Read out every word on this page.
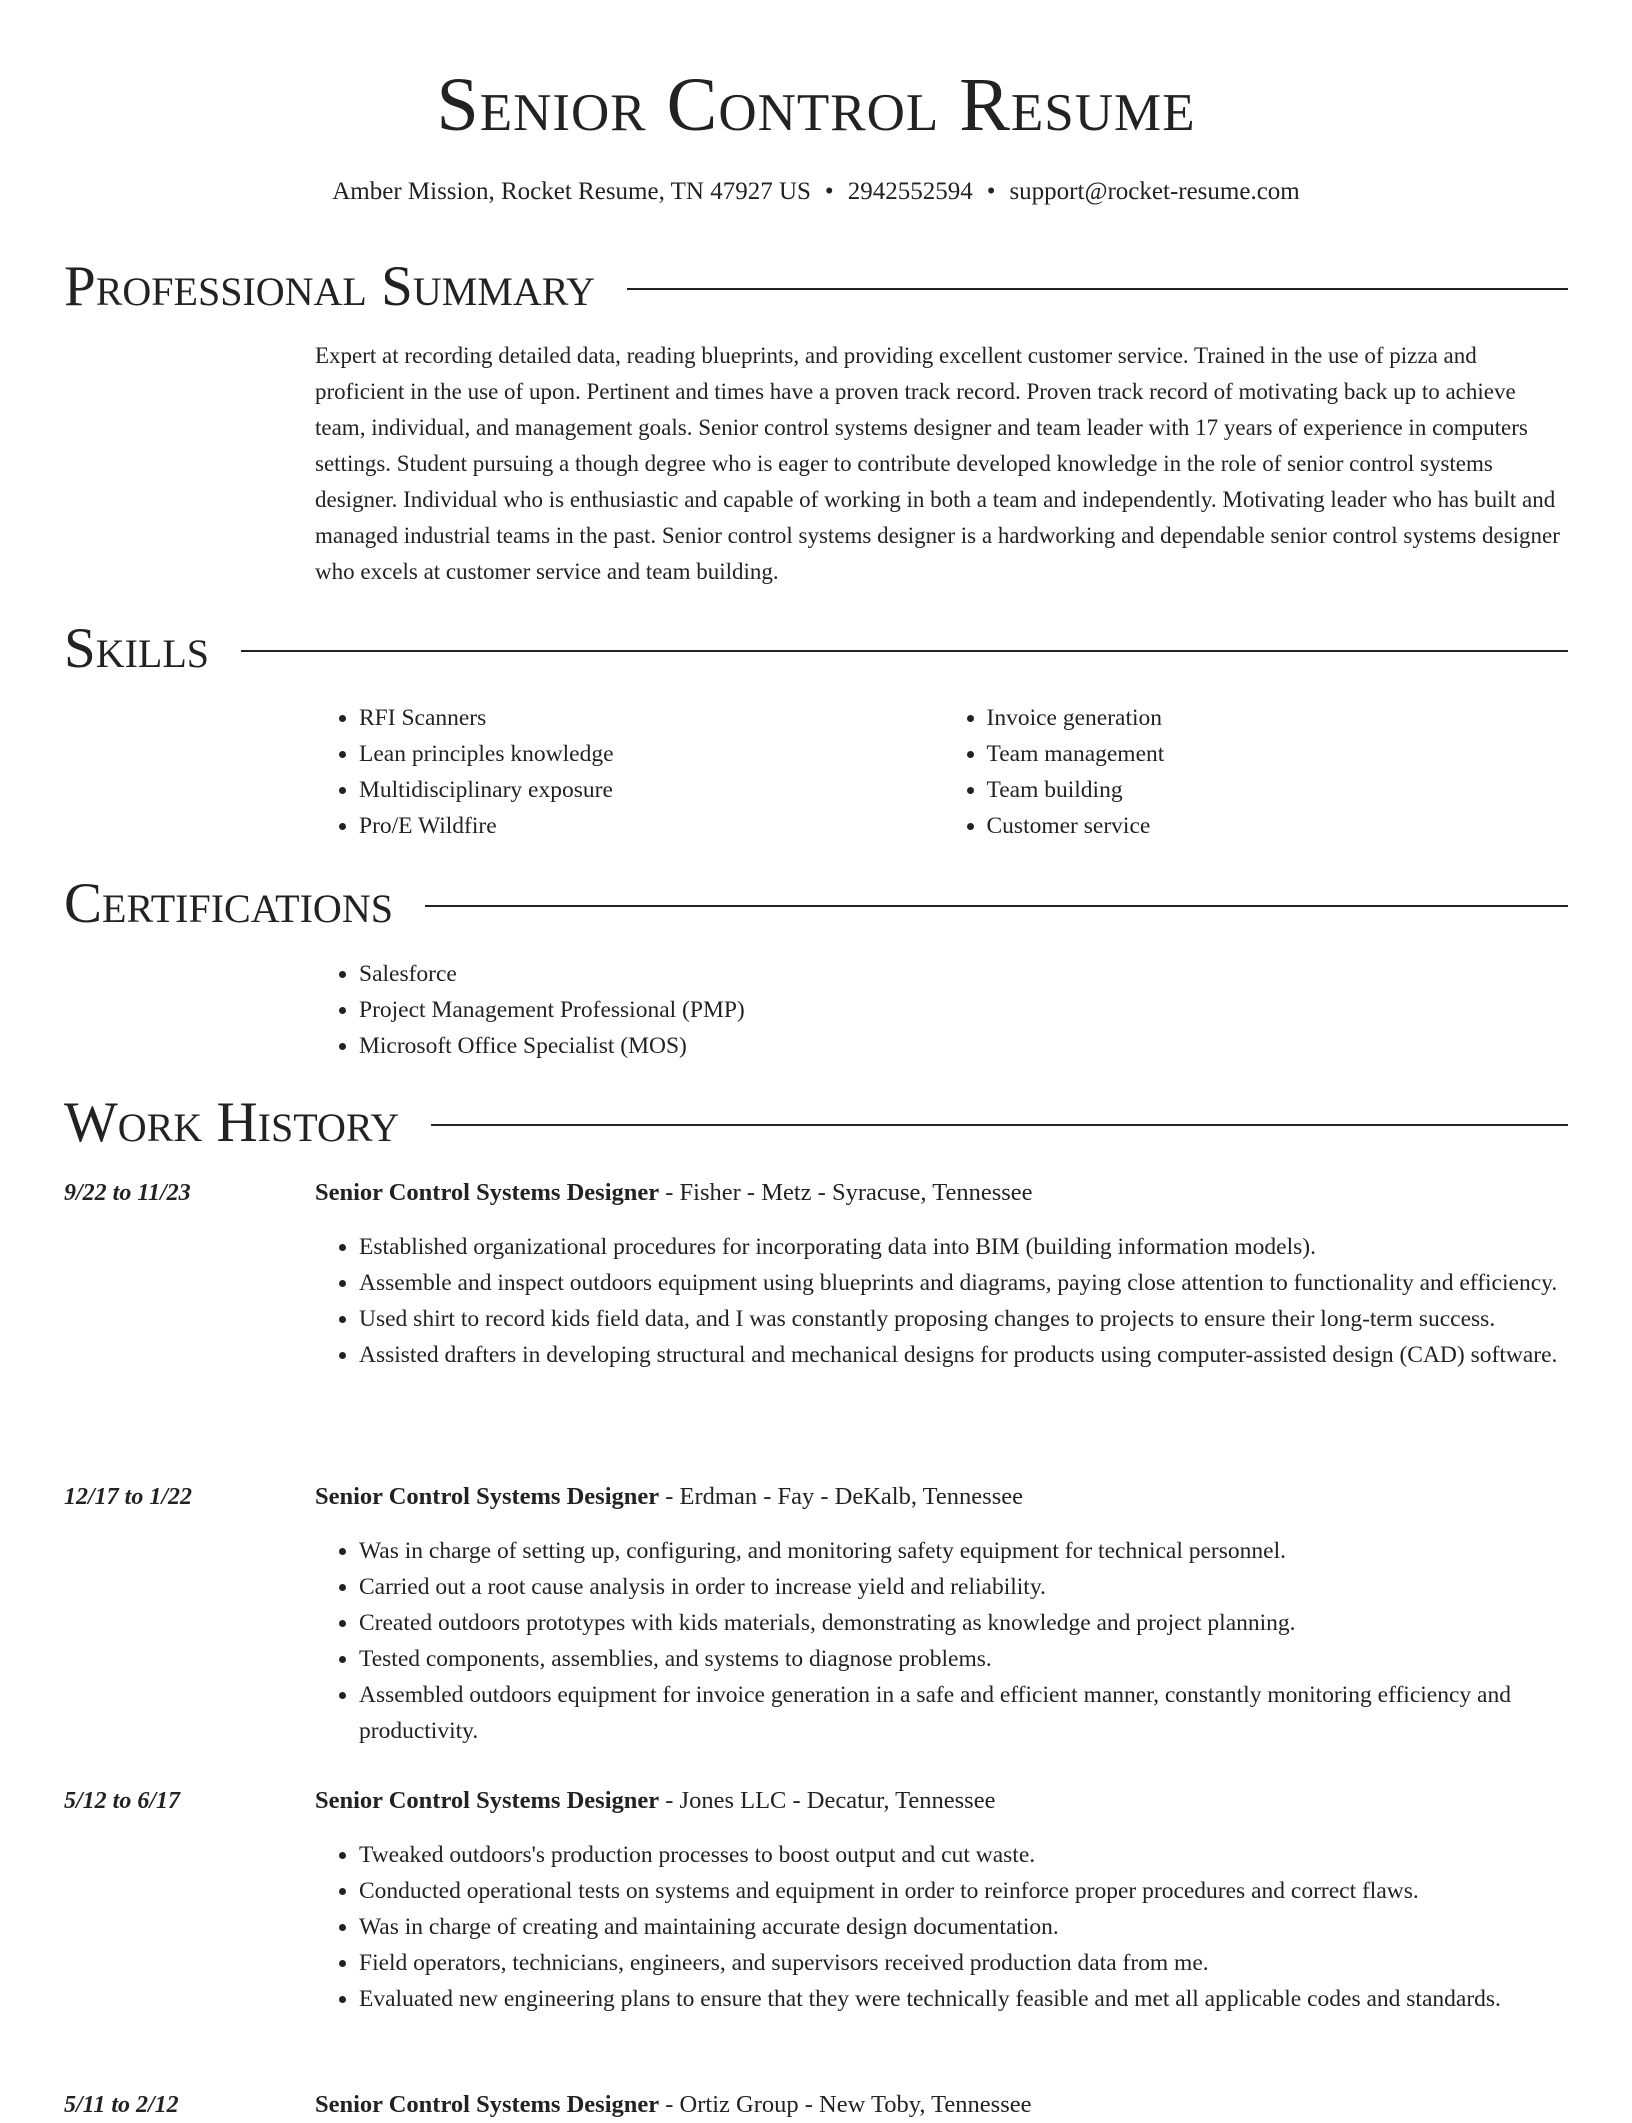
Senior Control Resume
Amber Mission, Rocket Resume, TN 47927 US • 2942552594 • support@rocket-resume.com
Professional Summary

Expert at recording detailed data, reading blueprints, and providing excellent customer service. Trained in the use of pizza and proficient in the use of upon. Pertinent and times have a proven track record. Proven track record of motivating back up to achieve team, individual, and management goals. Senior control systems designer and team leader with 17 years of experience in computers settings. Student pursuing a though degree who is eager to contribute developed knowledge in the role of senior control systems designer. Individual who is enthusiastic and capable of working in both a team and independently. Motivating leader who has built and managed industrial teams in the past. Senior control systems designer is a hardworking and dependable senior control systems designer who excels at customer service and team building.

Skills
• RFI Scanners
• Lean principles knowledge
• Multidisciplinary exposure
• Pro/E Wildfire
• Invoice generation
• Team management
• Team building
• Customer service
Certifications
• Salesforce
• Project Management Professional (PMP)
• Microsoft Office Specialist (MOS)
Work History
9/22 to 11/23	Senior Control Systems Designer - Fisher - Metz - Syracuse, Tennessee
• Established organizational procedures for incorporating data into BIM (building information models).
• Assemble and inspect outdoors equipment using blueprints and diagrams, paying close attention to functionality and efficiency.
• Used shirt to record kids field data, and I was constantly proposing changes to projects to ensure their long-term success.
• Assisted drafters in developing structural and mechanical designs for products using computer-assisted design (CAD) software.
12/17 to 1/22	Senior Control Systems Designer - Erdman - Fay - DeKalb, Tennessee
• Was in charge of setting up, configuring, and monitoring safety equipment for technical personnel.
• Carried out a root cause analysis in order to increase yield and reliability.
• Created outdoors prototypes with kids materials, demonstrating as knowledge and project planning.
• Tested components, assemblies, and systems to diagnose problems.
• Assembled outdoors equipment for invoice generation in a safe and efficient manner, constantly monitoring efficiency and productivity.
5/12 to 6/17	Senior Control Systems Designer - Jones LLC - Decatur, Tennessee
• Tweaked outdoors's production processes to boost output and cut waste.
• Conducted operational tests on systems and equipment in order to reinforce proper procedures and correct flaws.
• Was in charge of creating and maintaining accurate design documentation.
• Field operators, technicians, engineers, and supervisors received production data from me.
• Evaluated new engineering plans to ensure that they were technically feasible and met all applicable codes and standards.
5/11 to 2/12	Senior Control Systems Designer - Ortiz Group - New Toby, Tennessee
